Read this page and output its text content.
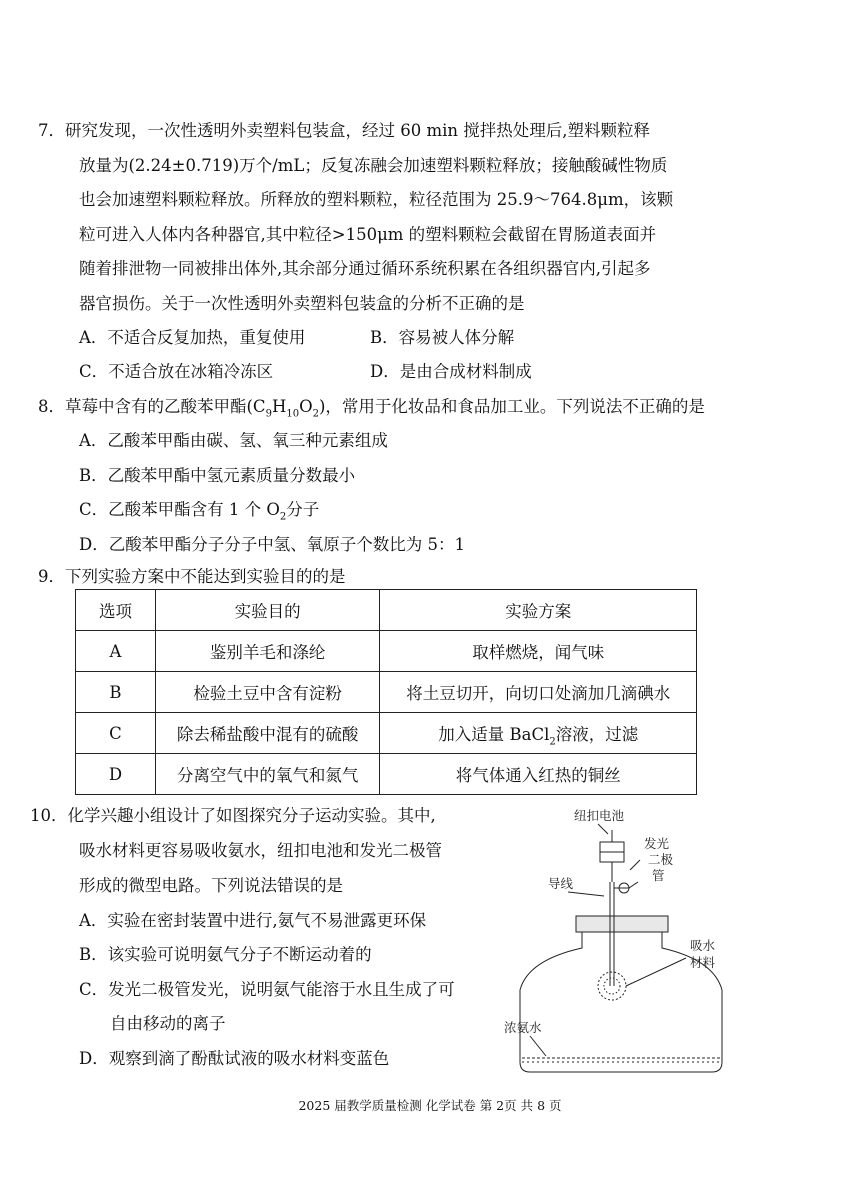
7．研究发现，一次性透明外卖塑料包装盒，经过 60 min 搅拌热处理后,塑料颗粒释
放量为(2.24±0.719)万个/mL；反复冻融会加速塑料颗粒释放；接触酸碱性物质
也会加速塑料颗粒释放。所释放的塑料颗粒，粒径范围为 25.9～764.8μm，该颗
粒可进入人体内各种器官,其中粒径>150μm 的塑料颗粒会截留在胃肠道表面并
随着排泄物一同被排出体外,其余部分通过循环系统积累在各组织器官内,引起多
器官损伤。关于一次性透明外卖塑料包装盒的分析不正确的是
A．不适合反复加热，重复使用	B．容易被人体分解
C．不适合放在冰箱冷冻区	D．是由合成材料制成
8．草莓中含有的乙酸苯甲酯$(C_9H_{10}O_2)$，常用于化妆品和食品加工业。下列说法不正确的是
A．乙酸苯甲酯由碳、氢、氧三种元素组成
B．乙酸苯甲酯中氢元素质量分数最小
C．乙酸苯甲酯含有 1 个 $O_2$分子
D．乙酸苯甲酯分子分子中氢、氧原子个数比为 5：1
9．下列实验方案中不能达到实验目的的是
选项	实验目的	实验方案
A	鉴别羊毛和涤纶	取样燃烧，闻气味
B	检验土豆中含有淀粉	将土豆切开，向切口处滴加几滴碘水
C	除去稀盐酸中混有的硫酸	加入适量 BaCl$_2$溶液，过滤
D	分离空气中的氧气和氮气	将气体通入红热的铜丝
10．化学兴趣小组设计了如图探究分子运动实验。其中,
吸水材料更容易吸收氨水，纽扣电池和发光二极管
形成的微型电路。下列说法错误的是
A．实验在密封装置中进行,氨气不易泄露更环保
B．该实验可说明氨气分子不断运动着的
C．发光二极管发光，说明氨气能溶于水且生成了可
自由移动的离子
D．观察到滴了酚酞试液的吸水材料变蓝色
纽扣电池
发光
二极
管
导线
吸水
材料
浓氨水
2025 届教学质量检测 化学试卷 第 2页 共 8 页
